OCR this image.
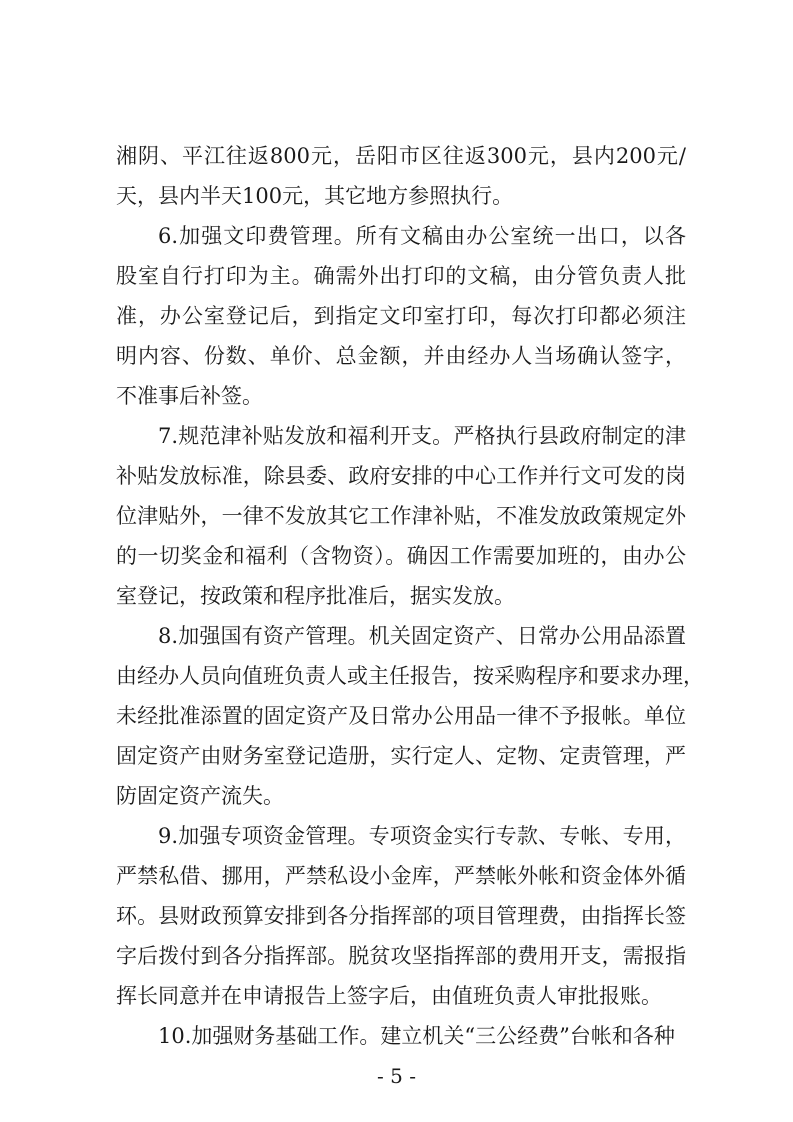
湘阴、平江往返800元，岳阳市区往返300元，县内200元/
天，县内半天100元，其它地方参照执行。
6.加强文印费管理。所有文稿由办公室统一出口，以各
股室自行打印为主。确需外出打印的文稿，由分管负责人批
准，办公室登记后，到指定文印室打印，每次打印都必须注
明内容、份数、单价、总金额，并由经办人当场确认签字，
不准事后补签。
7.规范津补贴发放和福利开支。严格执行县政府制定的津
补贴发放标准，除县委、政府安排的中心工作并行文可发的岗
位津贴外，一律不发放其它工作津补贴，不准发放政策规定外
的一切奖金和福利（含物资）。确因工作需要加班的，由办公
室登记，按政策和程序批准后，据实发放。
8.加强国有资产管理。机关固定资产、日常办公用品添置
由经办人员向值班负责人或主任报告，按采购程序和要求办理，
未经批准添置的固定资产及日常办公用品一律不予报帐。单位
固定资产由财务室登记造册，实行定人、定物、定责管理，严
防固定资产流失。
9.加强专项资金管理。专项资金实行专款、专帐、专用，
严禁私借、挪用，严禁私设小金库，严禁帐外帐和资金体外循
环。县财政预算安排到各分指挥部的项目管理费，由指挥长签
字后拨付到各分指挥部。脱贫攻坚指挥部的费用开支，需报指
挥长同意并在申请报告上签字后，由值班负责人审批报账。
10.加强财务基础工作。建立机关“三公经费”台帐和各种
- 5 -
